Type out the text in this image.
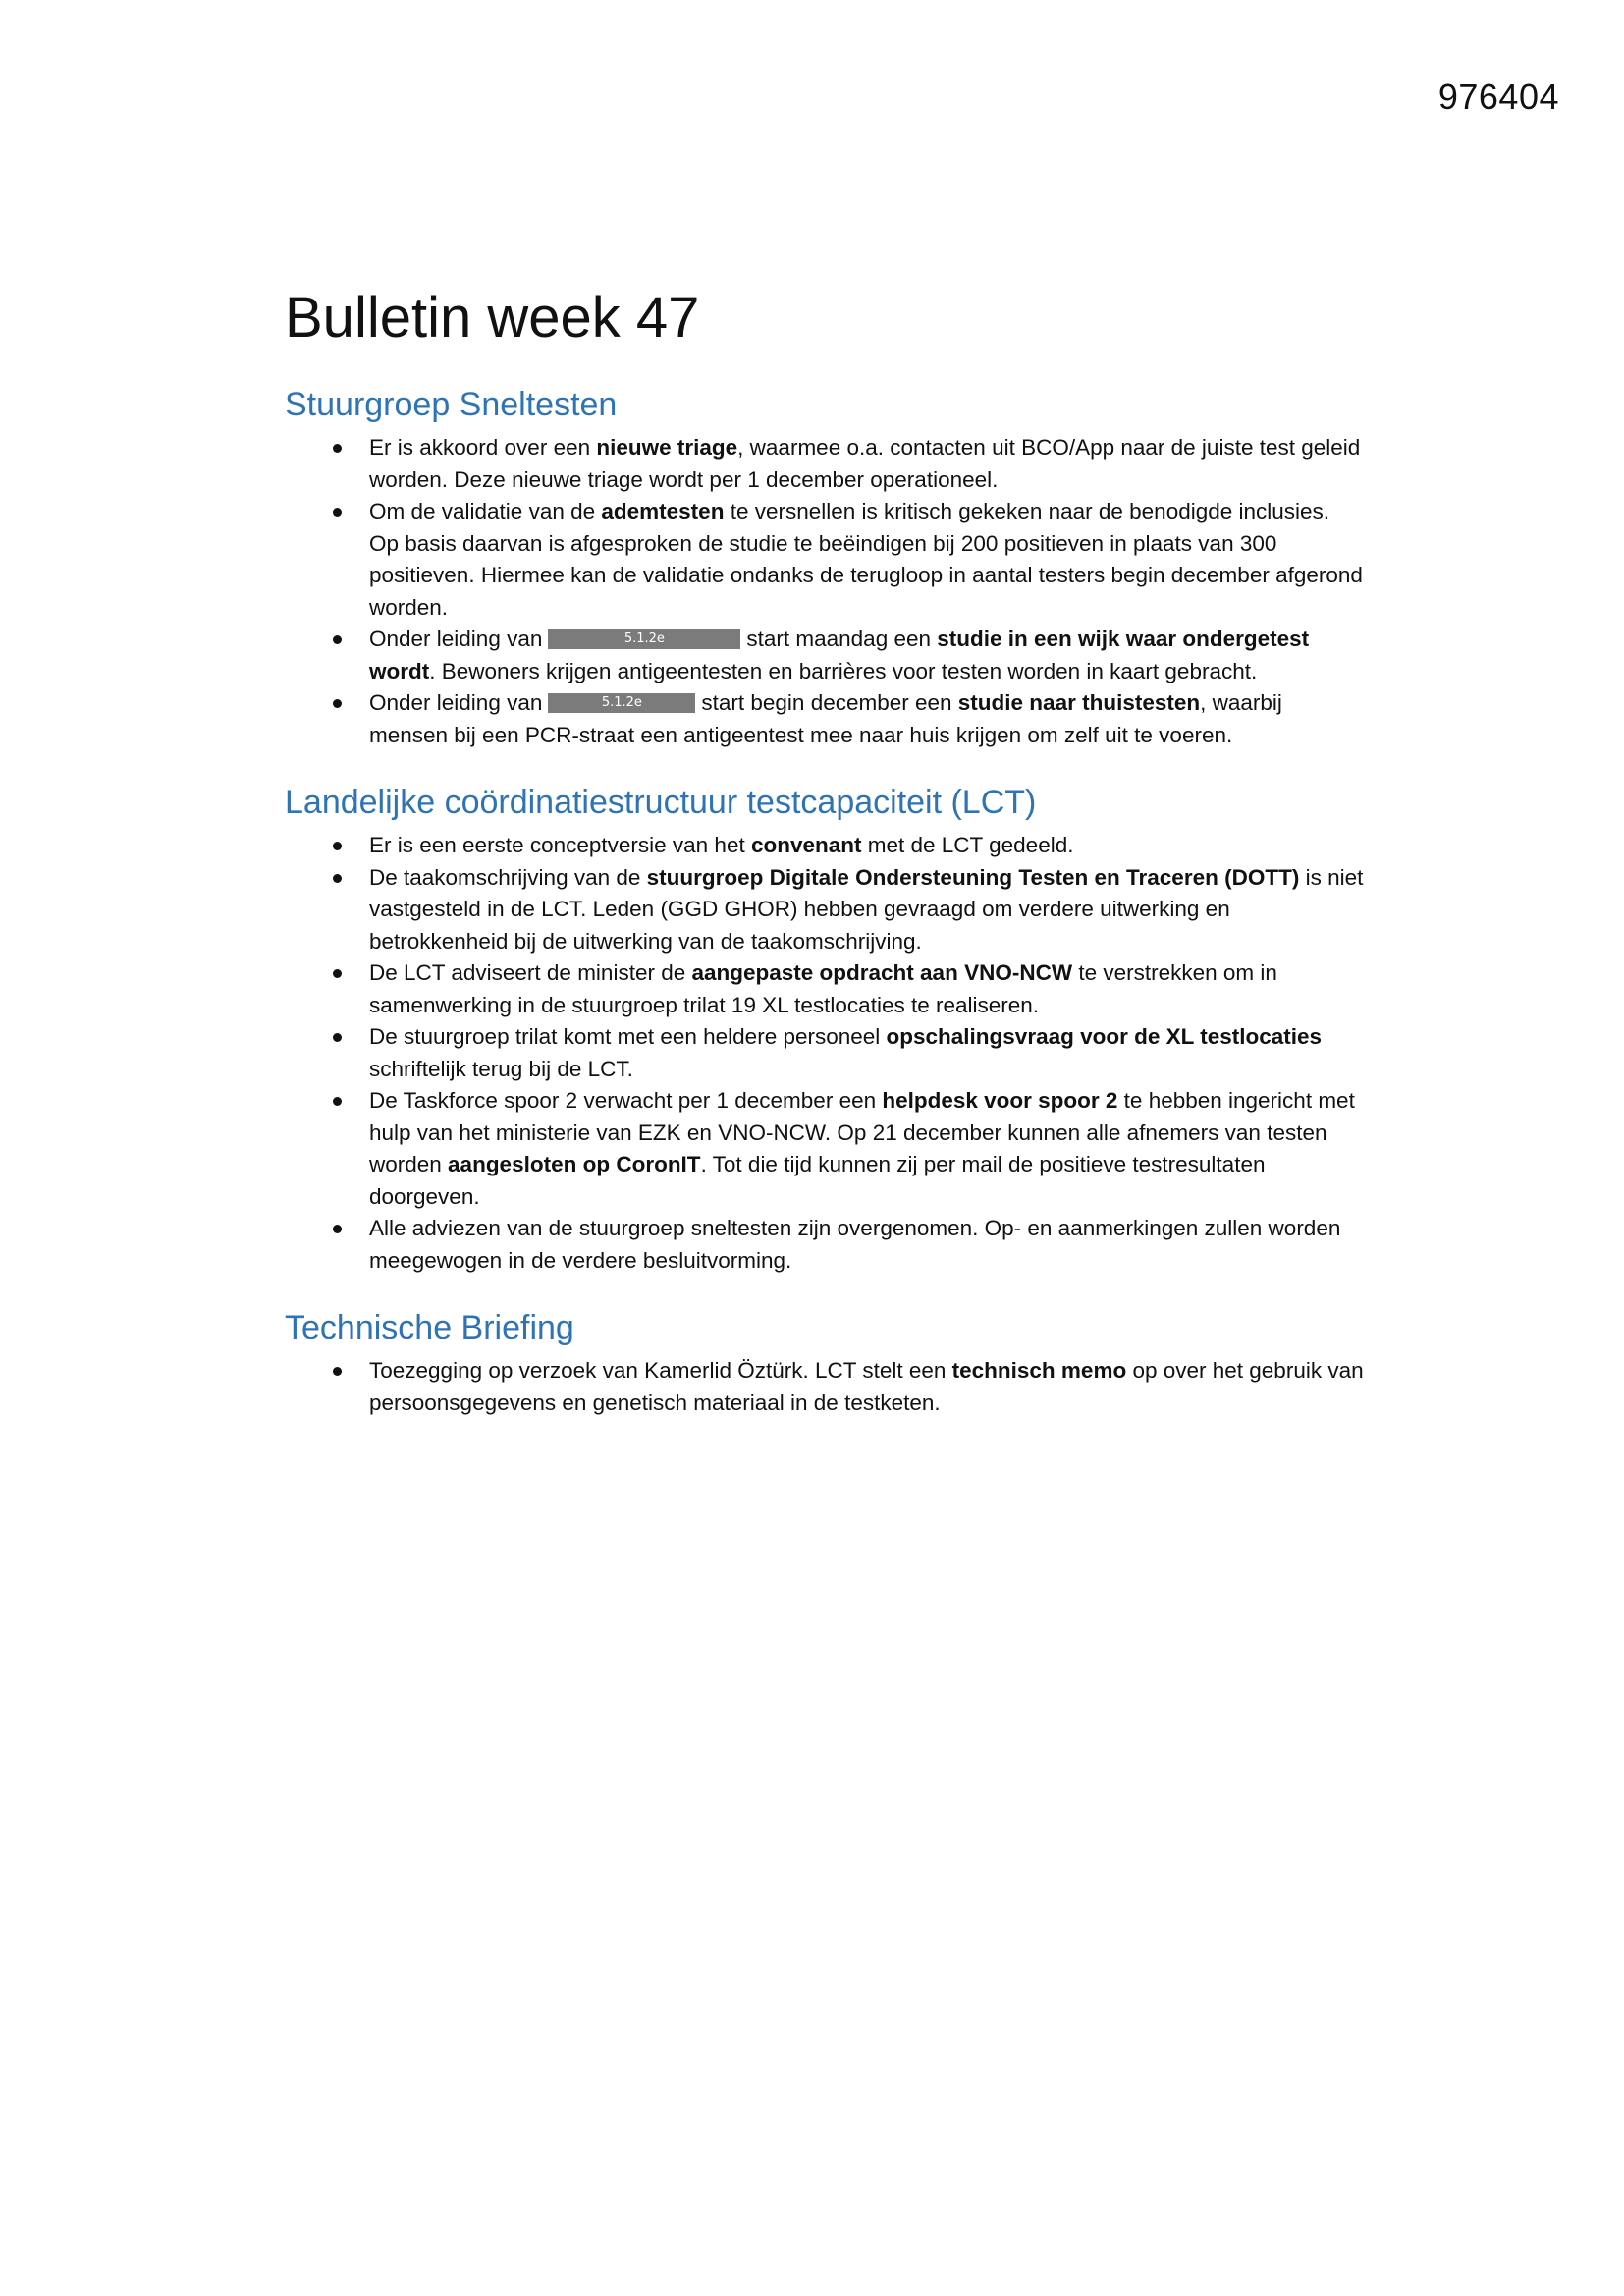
976404
Bulletin week 47
Stuurgroep Sneltesten
Er is akkoord over een nieuwe triage, waarmee o.a. contacten uit BCO/App naar de juiste test geleid worden. Deze nieuwe triage wordt per 1 december operationeel.
Om de validatie van de ademtesten te versnellen is kritisch gekeken naar de benodigde inclusies. Op basis daarvan is afgesproken de studie te beëindigen bij 200 positieven in plaats van 300 positieven. Hiermee kan de validatie ondanks de terugloop in aantal testers begin december afgerond worden.
Onder leiding van	5.1.2e	start maandag een studie in een wijk waar ondergetest wordt. Bewoners krijgen antigeentesten en barrières voor testen worden in kaart gebracht.
Onder leiding van	5.1.2e	start begin december een studie naar thuistesten, waarbij mensen bij een PCR-straat een antigeentest mee naar huis krijgen om zelf uit te voeren.
Landelijke coördinatiestructuur testcapaciteit (LCT)
Er is een eerste conceptversie van het convenant met de LCT gedeeld.
De taakomschrijving van de stuurgroep Digitale Ondersteuning Testen en Traceren (DOTT) is niet vastgesteld in de LCT. Leden (GGD GHOR) hebben gevraagd om verdere uitwerking en betrokkenheid bij de uitwerking van de taakomschrijving.
De LCT adviseert de minister de aangepaste opdracht aan VNO-NCW te verstrekken om in samenwerking in de stuurgroep trilat 19 XL testlocaties te realiseren.
De stuurgroep trilat komt met een heldere personeel opschalingsvraag voor de XL testlocaties schriftelijk terug bij de LCT.
De Taskforce spoor 2 verwacht per 1 december een helpdesk voor spoor 2 te hebben ingericht met hulp van het ministerie van EZK en VNO-NCW. Op 21 december kunnen alle afnemers van testen worden aangesloten op CoronIT. Tot die tijd kunnen zij per mail de positieve testresultaten doorgeven.
Alle adviezen van de stuurgroep sneltesten zijn overgenomen. Op- en aanmerkingen zullen worden meegewogen in de verdere besluitvorming.
Technische Briefing
Toezegging op verzoek van Kamerlid Öztürk. LCT stelt een technisch memo op over het gebruik van persoonsgegevens en genetisch materiaal in de testketen.
